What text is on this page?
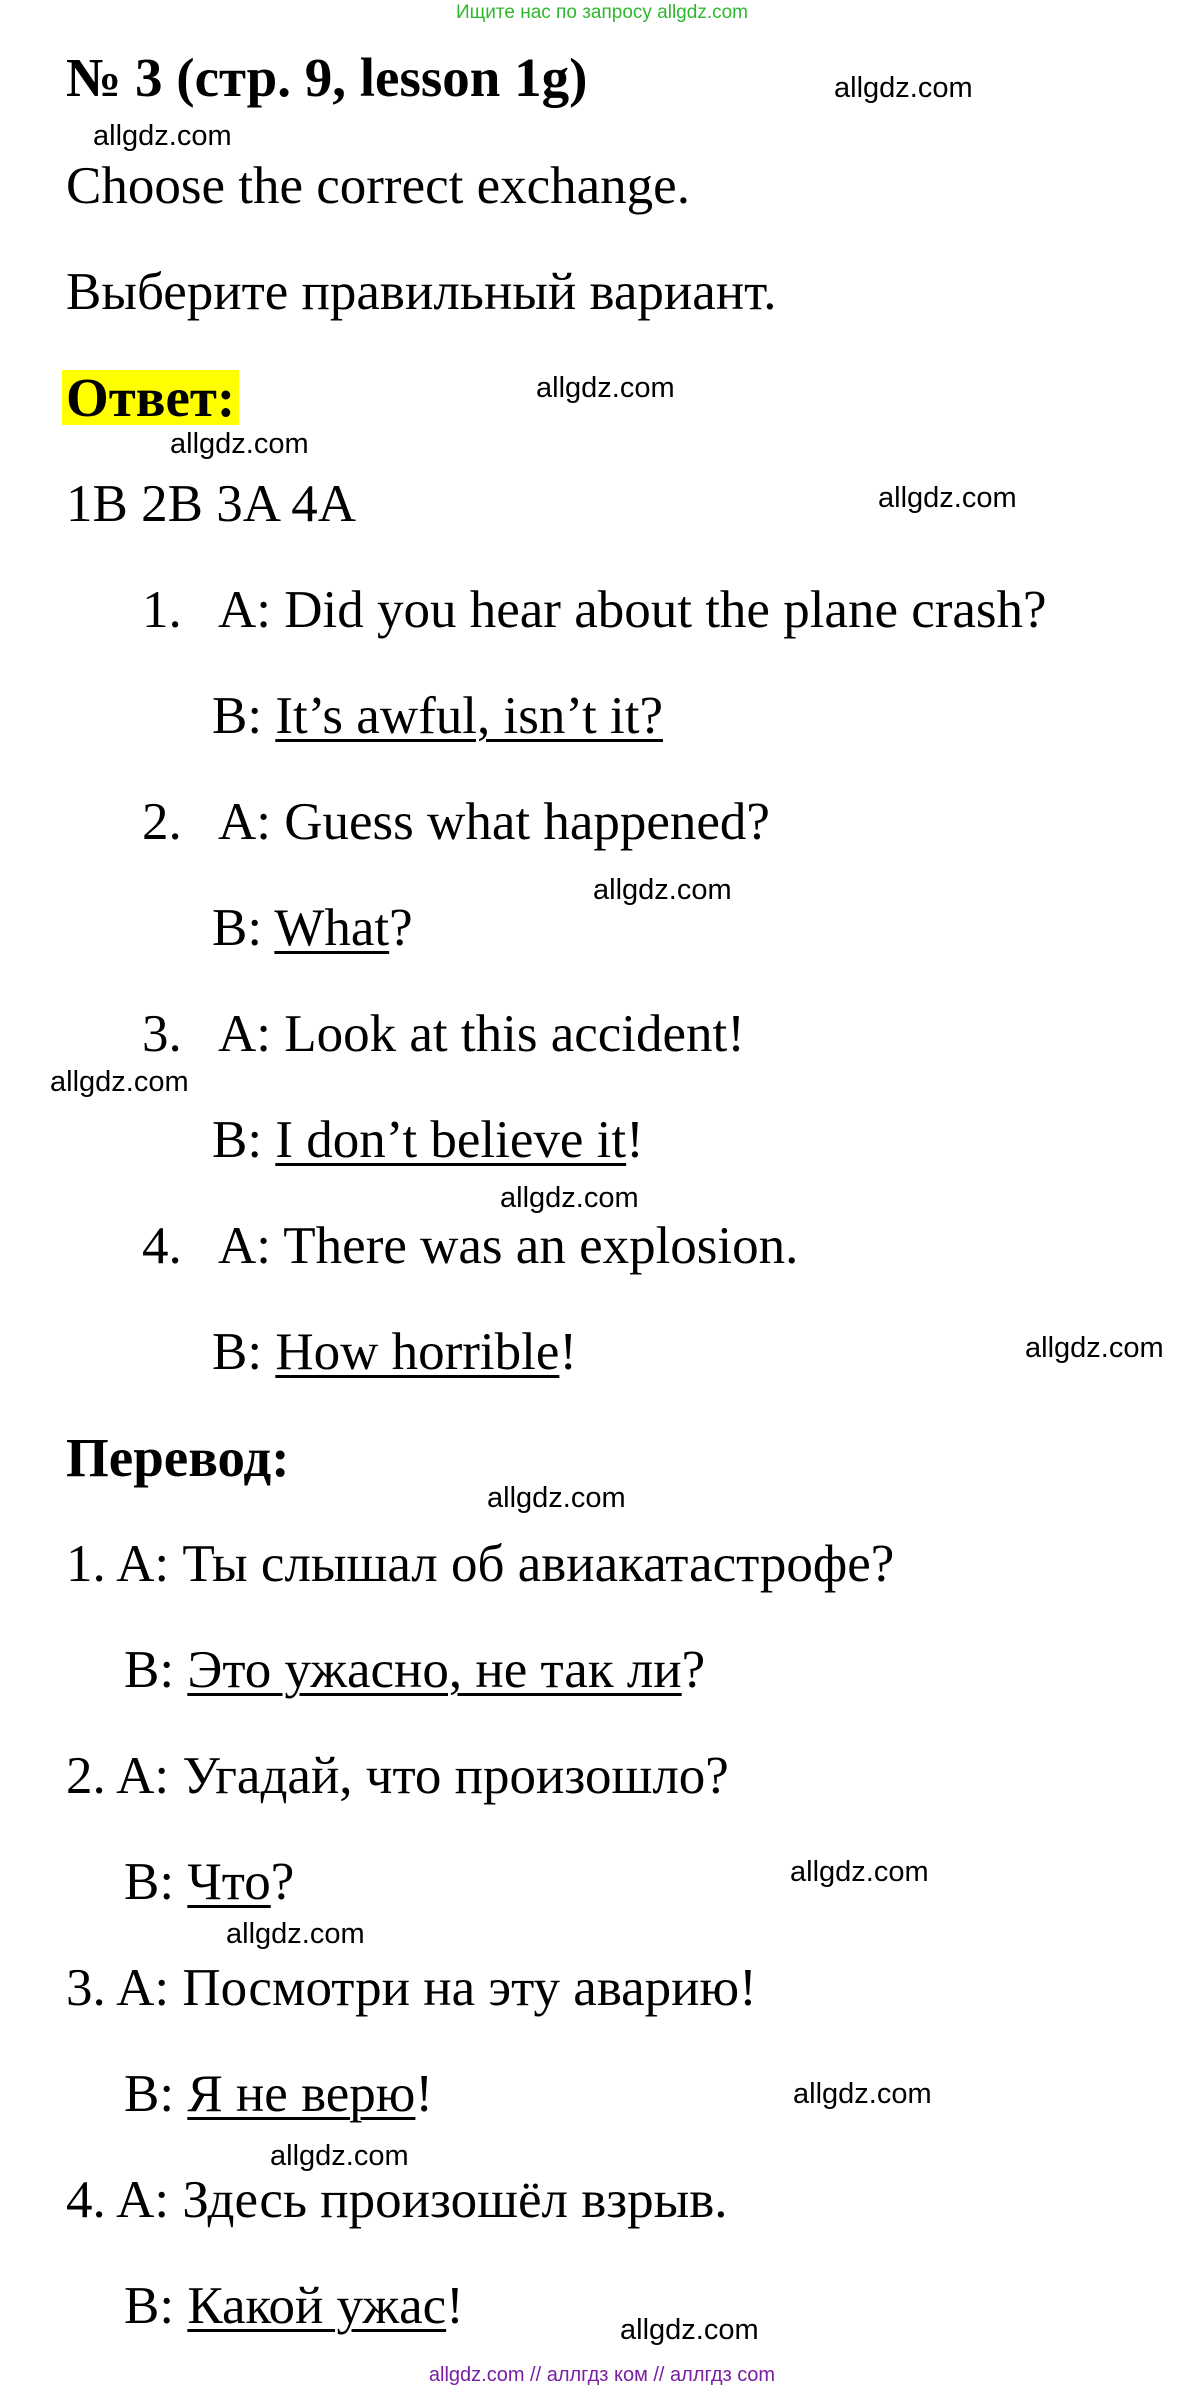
Ищите нас по запросу allgdz.com
№ 3 (стр. 9, lesson 1g)
Choose the correct exchange.
Выберите правильный вариант.
Ответ:
1B 2B 3A 4A
1. A: Did you hear about the plane crash?
B: It’s awful, isn’t it?
2. A: Guess what happened?
B: What?
3. A: Look at this accident!
B: I don’t believe it!
4. A: There was an explosion.
B: How horrible!
Перевод:
1. A: Ты слышал об авиакатастрофе?
B: Это ужасно, не так ли?
2. A: Угадай, что произошло?
B: Что?
3. A: Посмотри на эту аварию!
B: Я не верю!
4. A: Здесь произошёл взрыв.
B: Какой ужас!
allgdz.com
allgdz.com
allgdz.com
allgdz.com
allgdz.com
allgdz.com
allgdz.com
allgdz.com
allgdz.com
allgdz.com
allgdz.com
allgdz.com
allgdz.com
allgdz.com
allgdz.com
allgdz.com // аллгдз ком // аллгдз com
